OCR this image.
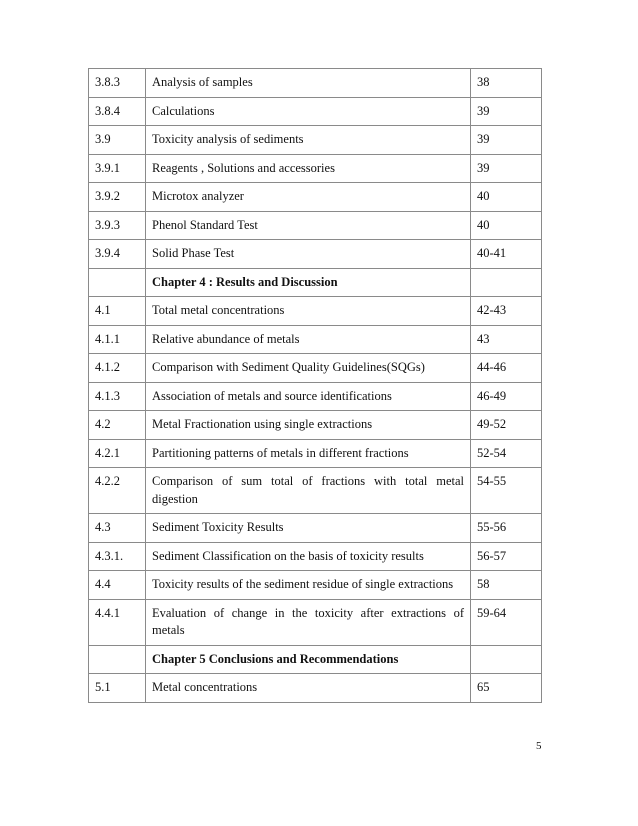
3.8.3	Analysis of samples	38
3.8.4	Calculations	39
3.9	Toxicity analysis of sediments	39
3.9.1	Reagents , Solutions and accessories	39
3.9.2	Microtox analyzer	40
3.9.3	Phenol Standard Test	40
3.9.4	Solid Phase Test	40-41
	Chapter 4 : Results and Discussion	
4.1	Total metal concentrations	42-43
4.1.1	Relative abundance of metals	43
4.1.2	Comparison with Sediment Quality Guidelines(SQGs)	44-46
4.1.3	Association of metals and source identifications	46-49
4.2	Metal Fractionation using single extractions	49-52
4.2.1	Partitioning patterns of metals in different fractions	52-54
4.2.2	Comparison of sum total of fractions with total metal digestion	54-55
4.3	Sediment Toxicity Results	55-56
4.3.1.	Sediment Classification on the basis of toxicity results	56-57
4.4	Toxicity results of the sediment residue of single extractions	58
4.4.1	Evaluation of change in the toxicity after extractions of metals	59-64
	Chapter 5 Conclusions and Recommendations	
5.1	Metal concentrations	65
5
